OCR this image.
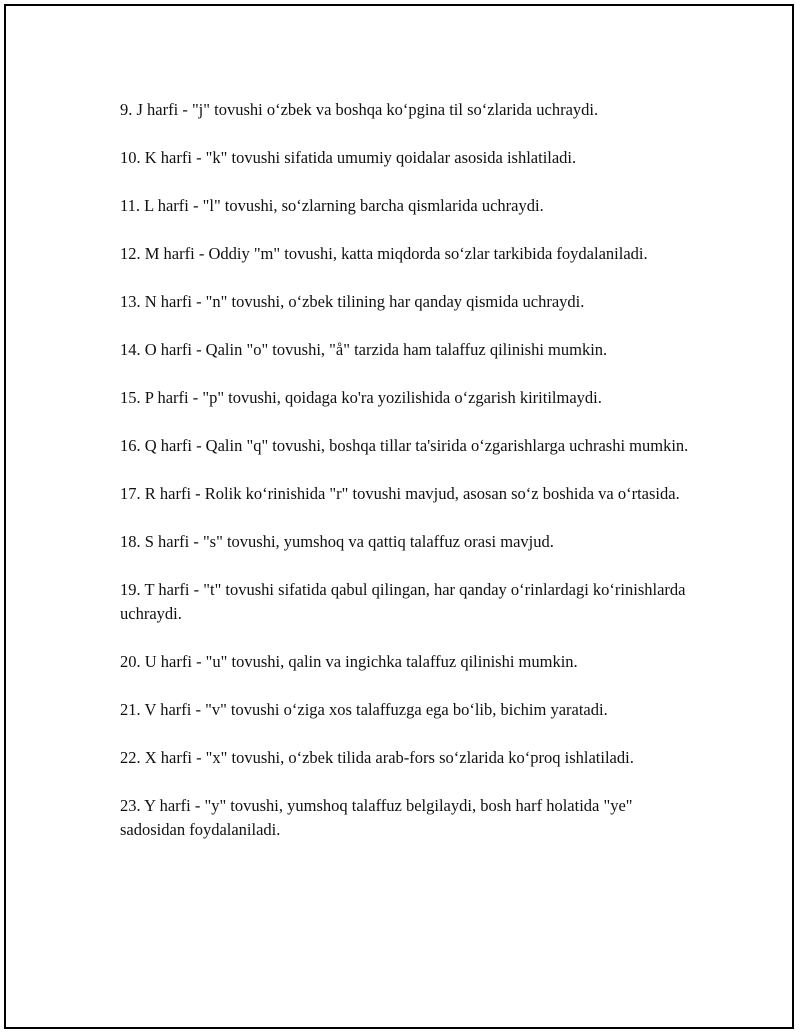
9. J harfi - "j" tovushi o‘zbek va boshqa ko‘pgina til so‘zlarida uchraydi.

10. K harfi - "k" tovushi sifatida umumiy qoidalar asosida ishlatiladi.

11. L harfi - "l" tovushi, so‘zlarning barcha qismlarida uchraydi.

12. M harfi - Oddiy "m" tovushi, katta miqdorda so‘zlar tarkibida foydalaniladi.

13. N harfi - "n" tovushi, o‘zbek tilining har qanday qismida uchraydi.

14. O harfi - Qalin "o" tovushi, "å" tarzida ham talaffuz qilinishi mumkin.

15. P harfi - "p" tovushi, qoidaga ko'ra yozilishida o‘zgarish kiritilmaydi.

16. Q harfi - Qalin "q" tovushi, boshqa tillar ta'sirida o‘zgarishlarga uchrashi mumkin.

17. R harfi - Rolik ko‘rinishida "r" tovushi mavjud, asosan so‘z boshida va o‘rtasida.

18. S harfi - "s" tovushi, yumshoq va qattiq talaffuz orasi mavjud.

19. T harfi - "t" tovushi sifatida qabul qilingan, har qanday o‘rinlardagi ko‘rinishlarda uchraydi.

20. U harfi - "u" tovushi, qalin va ingichka talaffuz qilinishi mumkin.

21. V harfi - "v" tovushi o‘ziga xos talaffuzga ega bo‘lib, bichim yaratadi.

22. X harfi - "x" tovushi, o‘zbek tilida arab-fors so‘zlarida ko‘proq ishlatiladi.

23. Y harfi - "y" tovushi, yumshoq talaffuz belgilaydi, bosh harf holatida "ye" sadosidan foydalaniladi.
